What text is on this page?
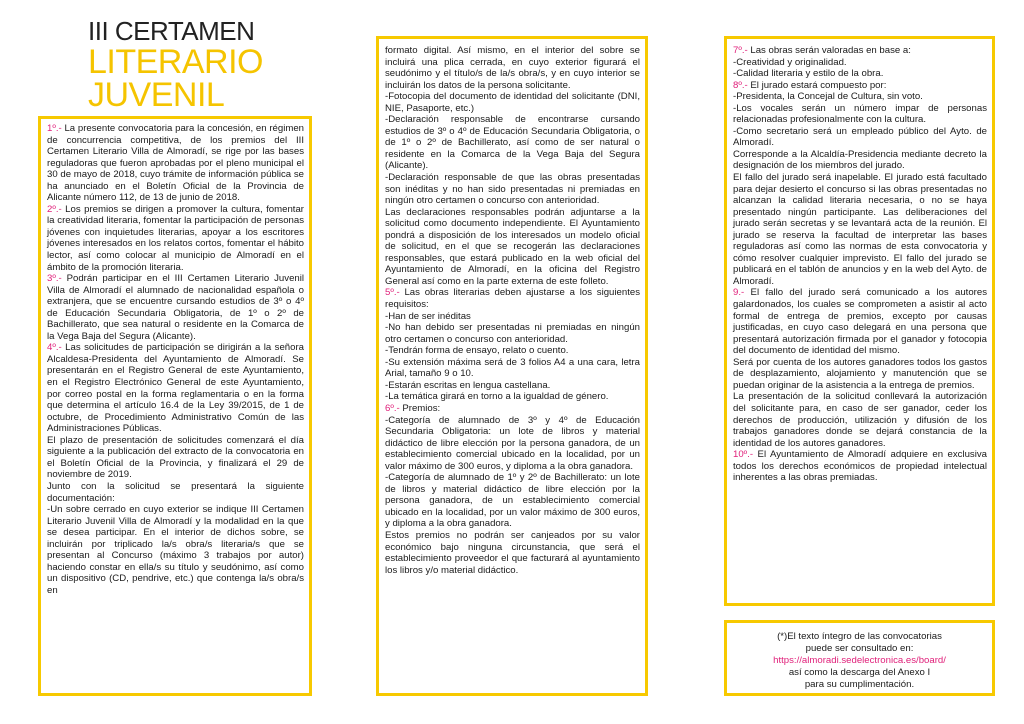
III CERTAMEN
LITERARIO
JUVENIL

1º.- La presente convocatoria para la concesión, en régimen de concurrencia competitiva, de los premios del III Certamen Literario Villa de Almoradí, se rige por las bases reguladoras que fueron aprobadas por el pleno municipal el 30 de mayo de 2018, cuyo trámite de información pública se ha anunciado en el Boletín Oficial de la Provincia de Alicante número 112, de 13 de junio de 2018.

2º.- Los premios se dirigen a promover la cultura, fomentar la creatividad literaria, fomentar la participación de personas jóvenes con inquietudes literarias, apoyar a los escritores jóvenes interesados en los relatos cortos, fomentar el hábito lector, así como colocar al municipio de Almoradí en el ámbito de la promoción literaria.

3º.- Podrán participar en el III Certamen Literario Juvenil Villa de Almoradí el alumnado de nacionalidad española o extranjera, que se encuentre cursando estudios de 3º o 4º de Educación Secundaria Obligatoria, de 1º o 2º de Bachillerato, que sea natural o residente en la Comarca de la Vega Baja del Segura (Alicante).

4º.- Las solicitudes de participación se dirigirán a la señora Alcaldesa-Presidenta del Ayuntamiento de Almoradí. Se presentarán en el Registro General de este Ayuntamiento, en el Registro Electrónico General de este Ayuntamiento, por correo postal en la forma reglamentaria o en la forma que determina el artículo 16.4 de la Ley 39/2015, de 1 de octubre, de Procedimiento Administrativo Común de las Administraciones Públicas.
El plazo de presentación de solicitudes comenzará el día siguiente a la publicación del extracto de la convocatoria en el Boletín Oficial de la Provincia, y finalizará el 29 de noviembre de 2019.
Junto con la solicitud se presentará la siguiente documentación:
-Un sobre cerrado en cuyo exterior se indique III Certamen Literario Juvenil Villa de Almoradí y la modalidad en la que se desea participar. En el interior de dichos sobre, se incluirán por triplicado la/s obra/s literaria/s que se presentan al Concurso (máximo 3 trabajos por autor) haciendo constar en ella/s su título y seudónimo, así como un dispositivo (CD, pendrive, etc.) que contenga la/s obra/s en

formato digital. Así mismo, en el interior del sobre se incluirá una plica cerrada, en cuyo exterior figurará el seudónimo y el título/s de la/s obra/s, y en cuyo interior se incluirán los datos de la persona solicitante.
-Fotocopia del documento de identidad del solicitante (DNI, NIE, Pasaporte, etc.)
-Declaración responsable de encontrarse cursando estudios de 3º o 4º de Educación Secundaria Obligatoria, o de 1º o 2º de Bachillerato, así como de ser natural o residente en la Comarca de la Vega Baja del Segura (Alicante).
-Declaración responsable de que las obras presentadas son inéditas y no han sido presentadas ni premiadas en ningún otro certamen o concurso con anterioridad.
Las declaraciones responsables podrán adjuntarse a la solicitud como documento independiente. El Ayuntamiento pondrá a disposición de los interesados un modelo oficial de solicitud, en el que se recogerán las declaraciones responsables, que estará publicado en la web oficial del Ayuntamiento de Almoradí, en la oficina del Registro General así como en la parte externa de este folleto.

5º.- Las obras literarias deben ajustarse a los siguientes requisitos:
-Han de ser inéditas
-No han debido ser presentadas ni premiadas en ningún otro certamen o concurso con anterioridad.
-Tendrán forma de ensayo, relato o cuento.
-Su extensión máxima será de 3 folios A4 a una cara, letra Arial, tamaño 9 o 10.
-Estarán escritas en lengua castellana.
-La temática girará en torno a la igualdad de género.

6º.- Premios:
-Categoría de alumnado de 3º y 4º de Educación Secundaria Obligatoria: un lote de libros y material didáctico de libre elección por la persona ganadora, de un establecimiento comercial ubicado en la localidad, por un valor máximo de 300 euros, y diploma a la obra ganadora.
-Categoría de alumnado de 1º y 2º de Bachillerato: un lote de libros y material didáctico de libre elección por la persona ganadora, de un establecimiento comercial ubicado en la localidad, por un valor máximo de 300 euros, y diploma a la obra ganadora.
Estos premios no podrán ser canjeados por su valor económico bajo ninguna circunstancia, que será el establecimiento proveedor el que facturará al ayuntamiento los libros y/o material didáctico.

7º.- Las obras serán valoradas en base a:
-Creatividad y originalidad.
-Calidad literaria y estilo de la obra.

8º.- El jurado estará compuesto por:
-Presidenta, la Concejal de Cultura, sin voto.
-Los vocales serán un número impar de personas relacionadas profesionalmente con la cultura.
-Como secretario será un empleado público del Ayto. de Almoradí.
Corresponde a la Alcaldía-Presidencia mediante decreto la designación de los miembros del jurado.
El fallo del jurado será inapelable. El jurado está facultado para dejar desierto el concurso si las obras presentadas no alcanzan la calidad literaria necesaria, o no se haya presentado ningún participante. Las deliberaciones del jurado serán secretas y se levantará acta de la reunión. El jurado se reserva la facultad de interpretar las bases reguladoras así como las normas de esta convocatoria y cómo resolver cualquier imprevisto. El fallo del jurado se publicará en el tablón de anuncios y en la web del Ayto. de Almoradí.

9.- El fallo del jurado será comunicado a los autores galardonados, los cuales se comprometen a asistir al acto formal de entrega de premios, excepto por causas justificadas, en cuyo caso delegará en una persona que presentará autorización firmada por el ganador y fotocopia del documento de identidad del mismo.
Será por cuenta de los autores ganadores todos los gastos de desplazamiento, alojamiento y manutención que se puedan originar de la asistencia a la entrega de premios.
La presentación de la solicitud conllevará la autorización del solicitante para, en caso de ser ganador, ceder los derechos de producción, utilización y difusión de los trabajos ganadores donde se dejará constancia de la identidad de los autores ganadores.

10º.- El Ayuntamiento de Almoradí adquiere en exclusiva todos los derechos económicos de propiedad intelectual inherentes a las obras premiadas.

(*)El texto íntegro de las convocatorias
puede ser consultado en:
https://almoradi.sedelectronica.es/board/
así como la descarga del Anexo I
para su cumplimentación.
